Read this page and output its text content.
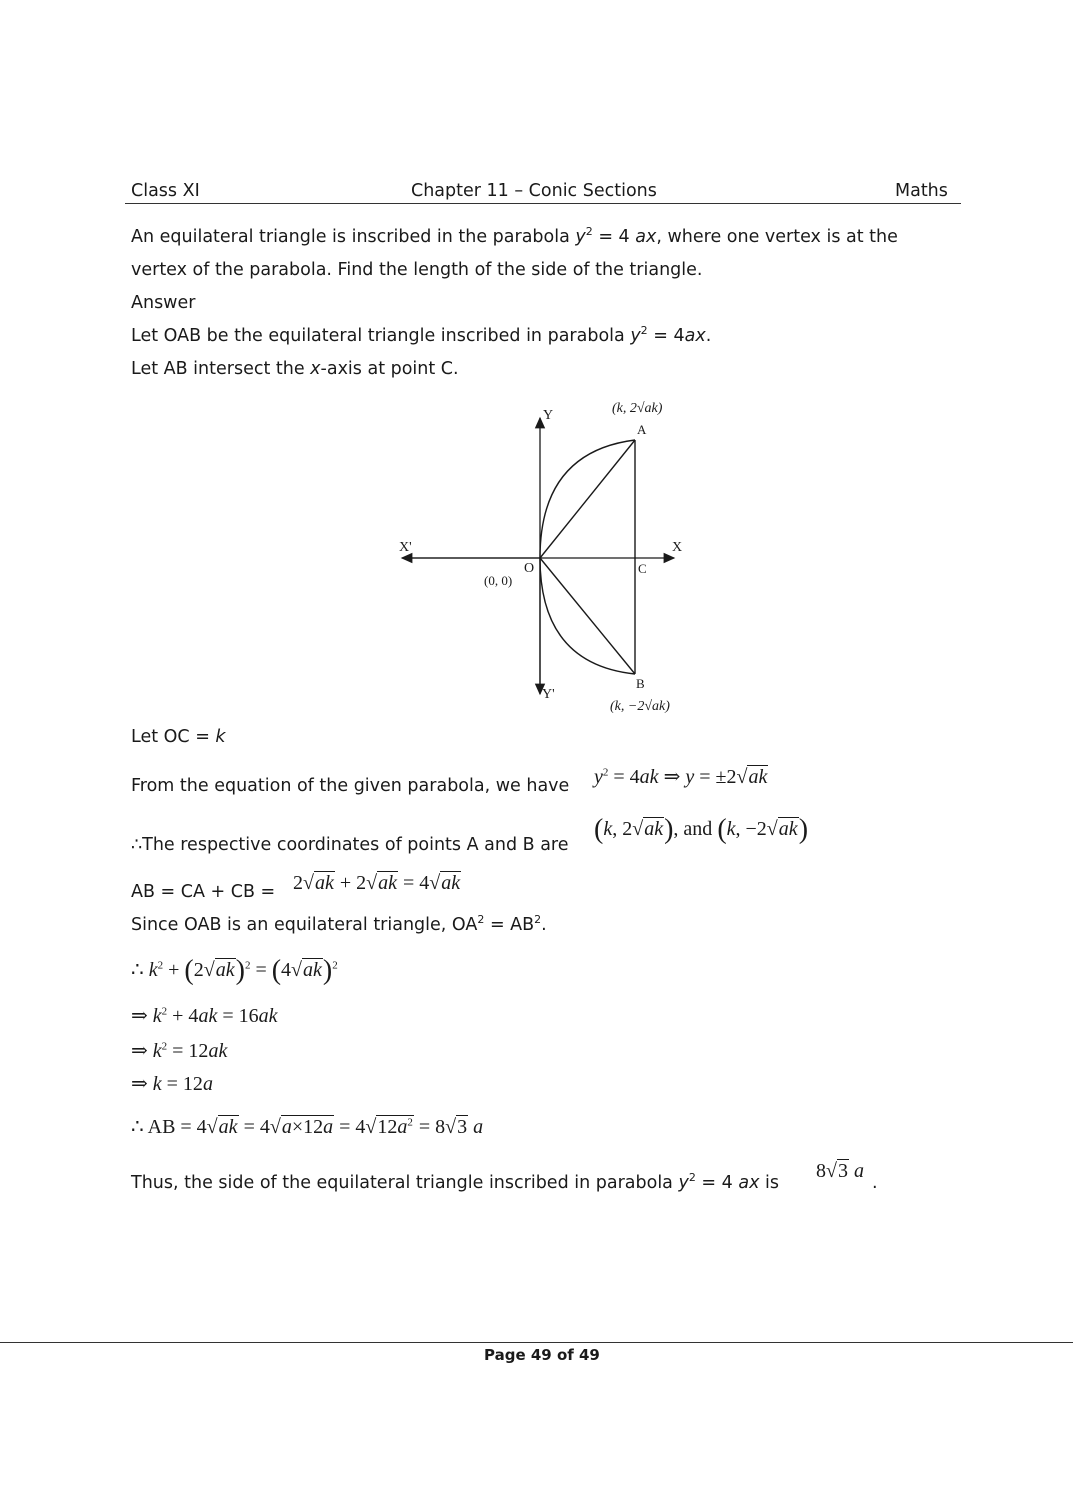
Class XI	Chapter 11 – Conic Sections	Maths
An equilateral triangle is inscribed in the parabola $y^2 = 4$ ax, where one vertex is at the
vertex of the parabola. Find the length of the side of the triangle.
Answer
Let OAB be the equilateral triangle inscribed in parabola $y^2 = 4ax$.
Let AB intersect the x-axis at point C.
Y
Y'
X
X'
O
(0, 0)
A
B
C
(k, 2√ak)
(k, −2√ak)
Let OC = k
From the equation of the given parabola, we have $y^2 = 4ak$ ⇒ y = ±2√ak
∴The respective coordinates of points A and B are (k, 2√ak), and (k, −2√ak)
AB = CA + CB = 2√ak + 2√ak = 4√ak
Since OAB is an equilateral triangle, $OA^2 = AB^2$.
∴ $k^2 + (2√ak)^2 = (4√ak)^2$
⇒ $k^2 + 4ak = 16ak$
⇒ $k^2 = 12ak$
⇒ k = 12a
∴ AB = $4√ak = 4√a\times 12a = 4√12a^2 = 8√3$ a
Thus, the side of the equilateral triangle inscribed in parabola $y^2 = 4$ ax is
8√3 a
.
Page 49 of 49
